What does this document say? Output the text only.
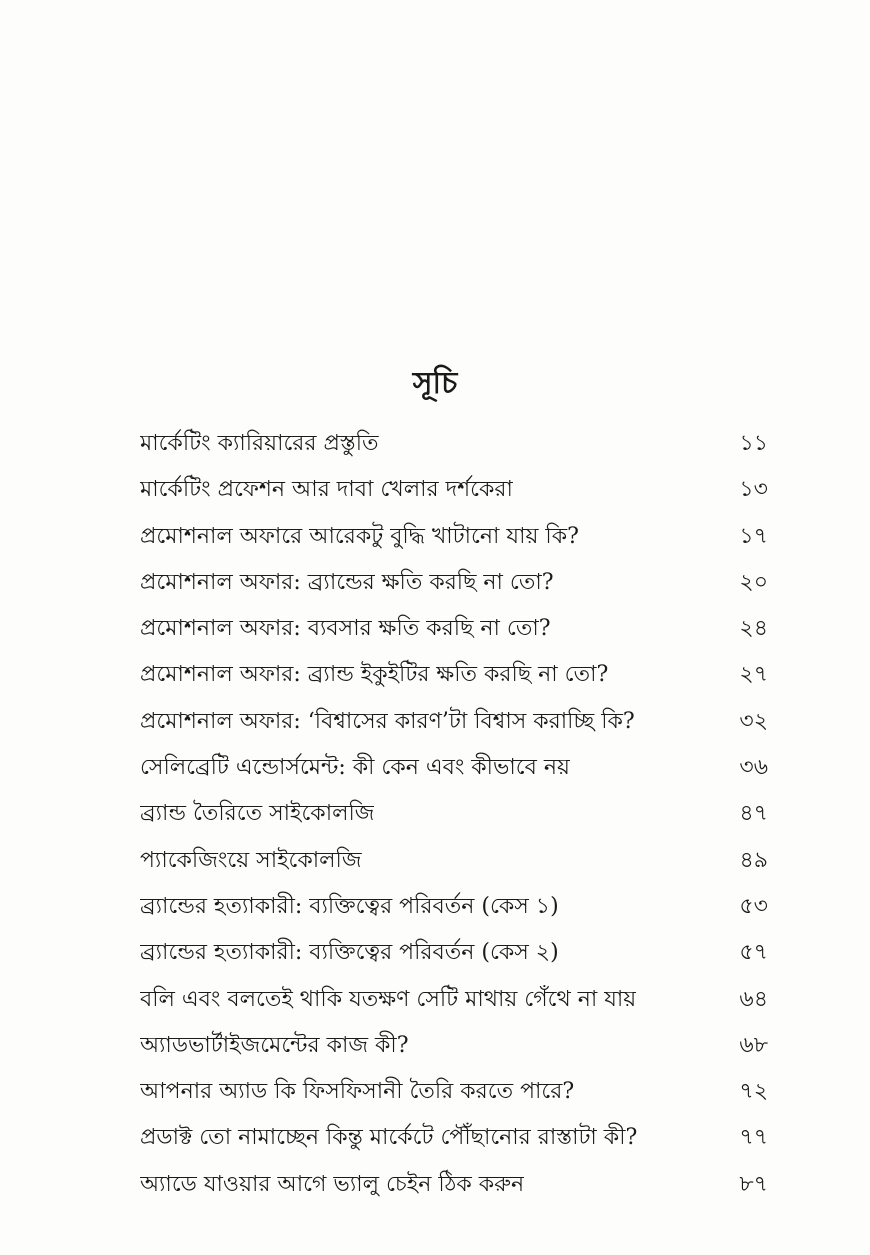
সূচি
মার্কেটিং ক্যারিয়ারের প্রস্তুতি	১১
মার্কেটিং প্রফেশন আর দাবা খেলার দর্শকেরা	১৩
প্রমোশনাল অফারে আরেকটু বুদ্ধি খাটানো যায় কি?	১৭
প্রমোশনাল অফার: ব্র্যান্ডের ক্ষতি করছি না তো?	২০
প্রমোশনাল অফার: ব্যবসার ক্ষতি করছি না তো?	২৪
প্রমোশনাল অফার: ব্র্যান্ড ইকুইটির ক্ষতি করছি না তো?	২৭
প্রমোশনাল অফার: ‘বিশ্বাসের কারণ’টা বিশ্বাস করাচ্ছি কি?	৩২
সেলিব্রেটি এন্ডোর্সমেন্ট: কী কেন এবং কীভাবে নয়	৩৬
ব্র্যান্ড তৈরিতে সাইকোলজি	৪৭
প্যাকেজিংয়ে সাইকোলজি	৪৯
ব্র্যান্ডের হত্যাকারী: ব্যক্তিত্বের পরিবর্তন (কেস ১)	৫৩
ব্র্যান্ডের হত্যাকারী: ব্যক্তিত্বের পরিবর্তন (কেস ২)	৫৭
বলি এবং বলতেই থাকি যতক্ষণ সেটি মাথায় গেঁথে না যায়	৬৪
অ্যাডভার্টাইজমেন্টের কাজ কী?	৬৮
আপনার অ্যাড কি ফিসফিসানী তৈরি করতে পারে?	৭২
প্রডাক্ট তো নামাচ্ছেন কিন্তু মার্কেটে পৌঁছানোর রাস্তাটা কী?	৭৭
অ্যাডে যাওয়ার আগে ভ্যালু চেইন ঠিক করুন	৮৭
